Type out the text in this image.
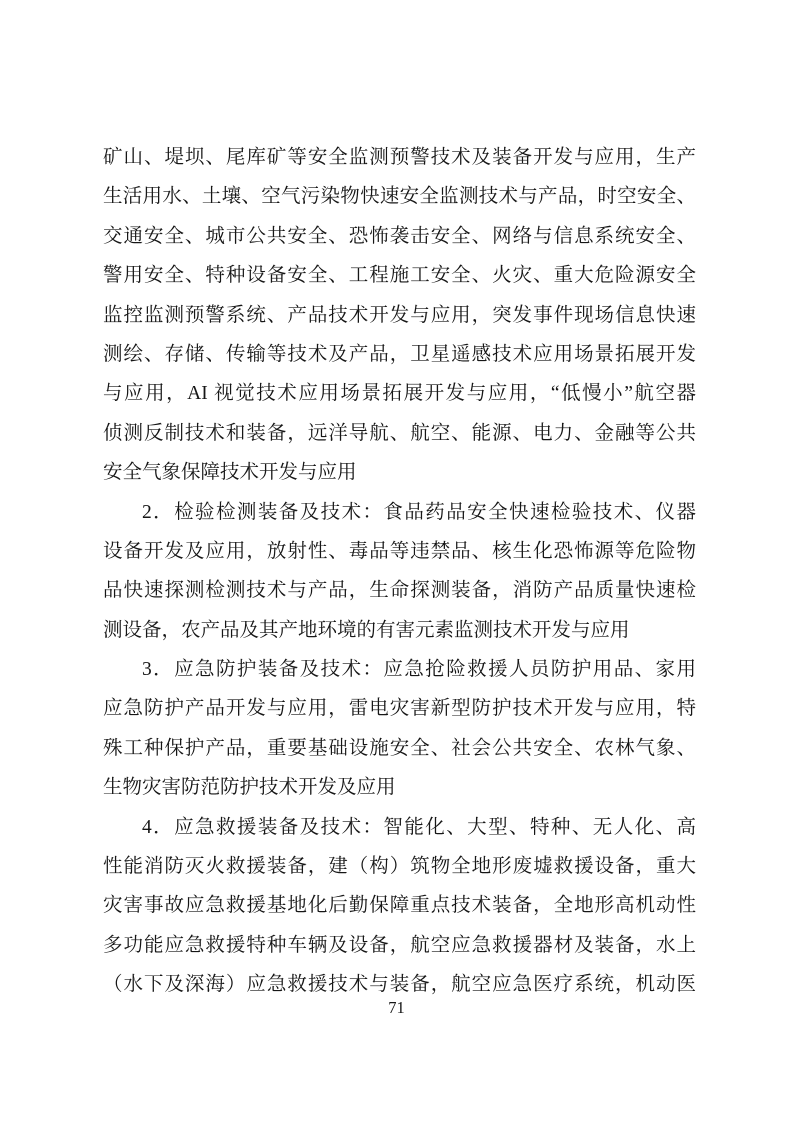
矿山、堤坝、尾库矿等安全监测预警技术及装备开发与应用，生产
生活用水、土壤、空气污染物快速安全监测技术与产品，时空安全、
交通安全、城市公共安全、恐怖袭击安全、网络与信息系统安全、
警用安全、特种设备安全、工程施工安全、火灾、重大危险源安全
监控监测预警系统、产品技术开发与应用，突发事件现场信息快速
测绘、存储、传输等技术及产品，卫星遥感技术应用场景拓展开发
与应用，AI 视觉技术应用场景拓展开发与应用，“低慢小”航空器
侦测反制技术和装备，远洋导航、航空、能源、电力、金融等公共
安全气象保障技术开发与应用
2．检验检测装备及技术：食品药品安全快速检验技术、仪器
设备开发及应用，放射性、毒品等违禁品、核生化恐怖源等危险物
品快速探测检测技术与产品，生命探测装备，消防产品质量快速检
测设备，农产品及其产地环境的有害元素监测技术开发与应用
3．应急防护装备及技术：应急抢险救援人员防护用品、家用
应急防护产品开发与应用，雷电灾害新型防护技术开发与应用，特
殊工种保护产品，重要基础设施安全、社会公共安全、农林气象、
生物灾害防范防护技术开发及应用
4．应急救援装备及技术：智能化、大型、特种、无人化、高
性能消防灭火救援装备，建（构）筑物全地形废墟救援设备，重大
灾害事故应急救援基地化后勤保障重点技术装备，全地形高机动性
多功能应急救援特种车辆及设备，航空应急救援器材及装备，水上
（水下及深海）应急救援技术与装备，航空应急医疗系统，机动医
71
